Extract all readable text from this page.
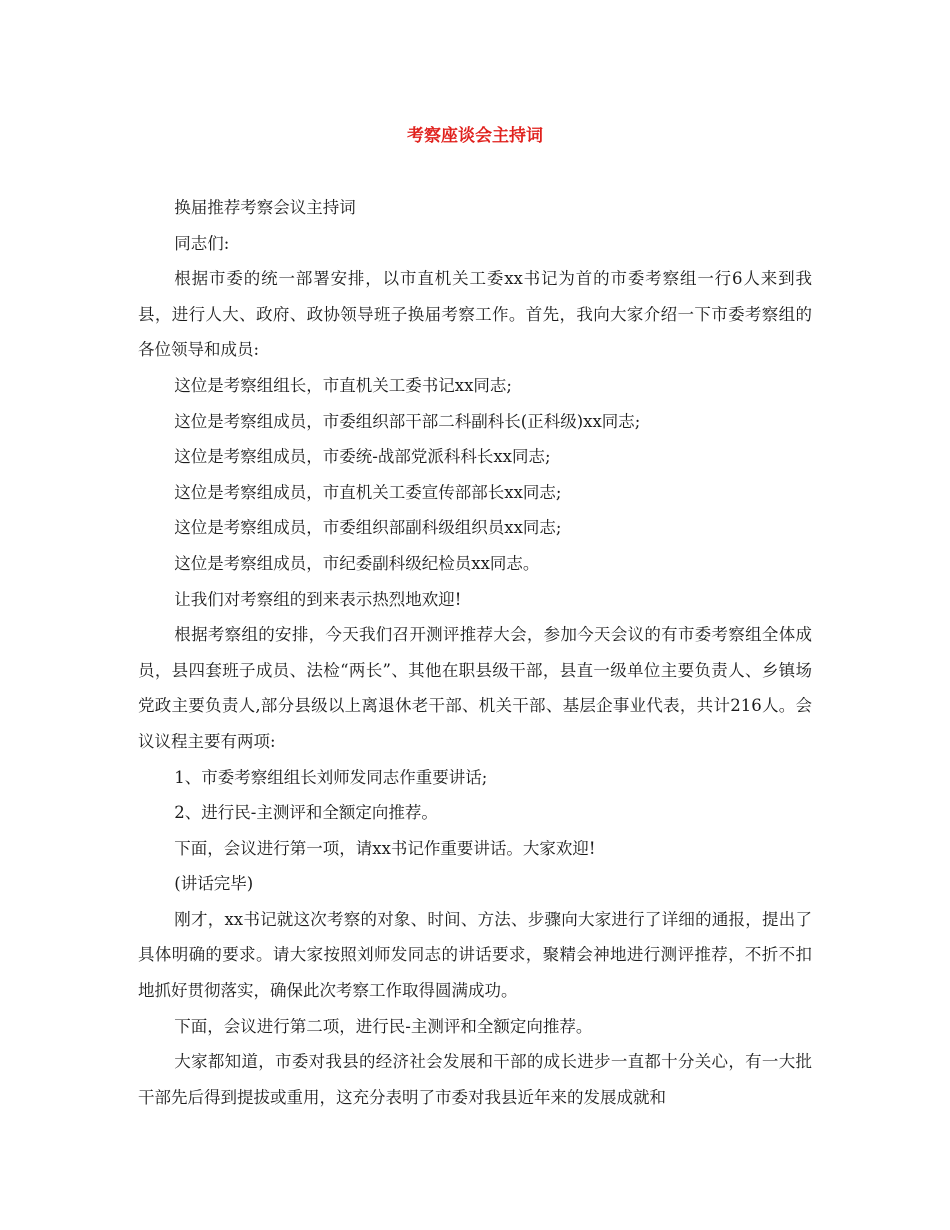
考察座谈会主持词

换届推荐考察会议主持词

同志们:

根据市委的统一部署安排，以市直机关工委xx书记为首的市委考察组一行6人来到我县，进行人大、政府、政协领导班子换届考察工作。首先，我向大家介绍一下市委考察组的各位领导和成员:

这位是考察组组长，市直机关工委书记xx同志;

这位是考察组成员，市委组织部干部二科副科长(正科级)xx同志;

这位是考察组成员，市委统-战部党派科科长xx同志;

这位是考察组成员，市直机关工委宣传部部长xx同志;

这位是考察组成员，市委组织部副科级组织员xx同志;

这位是考察组成员，市纪委副科级纪检员xx同志。

让我们对考察组的到来表示热烈地欢迎!

根据考察组的安排，今天我们召开测评推荐大会，参加今天会议的有市委考察组全体成员，县四套班子成员、法检“两长”、其他在职县级干部，县直一级单位主要负责人、乡镇场党政主要负责人,部分县级以上离退休老干部、机关干部、基层企事业代表，共计216人。会议议程主要有两项:

1、市委考察组组长刘师发同志作重要讲话;

2、进行民-主测评和全额定向推荐。

下面，会议进行第一项，请xx书记作重要讲话。大家欢迎!

(讲话完毕)

刚才，xx书记就这次考察的对象、时间、方法、步骤向大家进行了详细的通报，提出了具体明确的要求。请大家按照刘师发同志的讲话要求，聚精会神地进行测评推荐，不折不扣地抓好贯彻落实，确保此次考察工作取得圆满成功。

下面，会议进行第二项，进行民-主测评和全额定向推荐。

大家都知道，市委对我县的经济社会发展和干部的成长进步一直都十分关心，有一大批干部先后得到提拔或重用，这充分表明了市委对我县近年来的发展成就和
